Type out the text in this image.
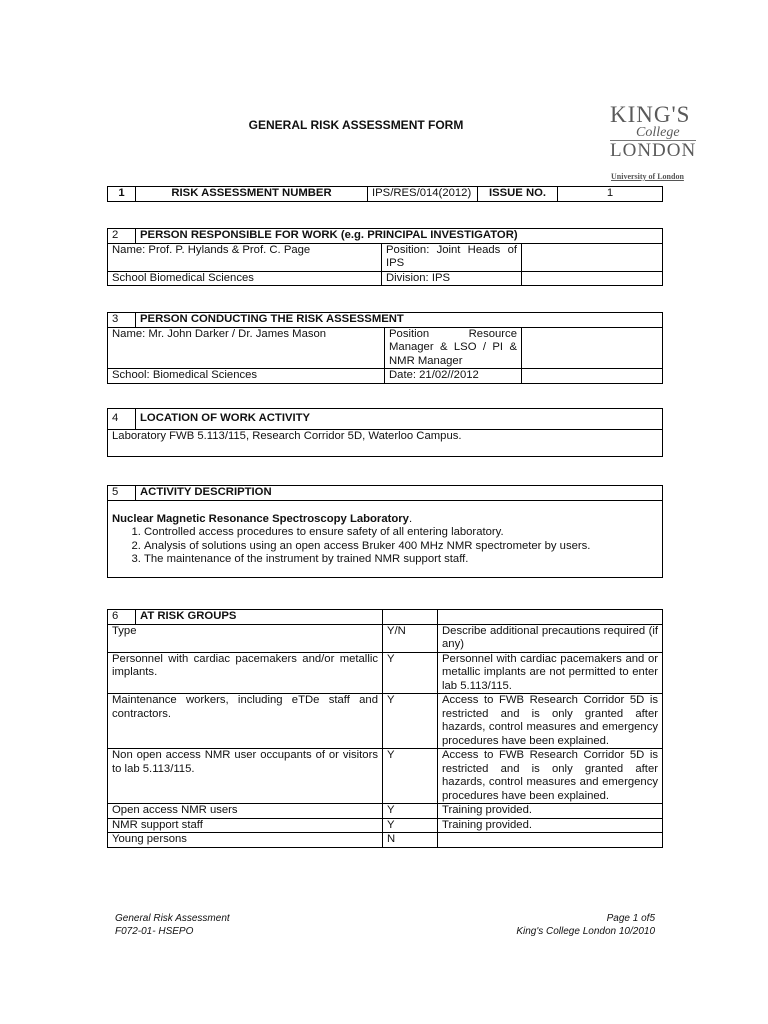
GENERAL RISK ASSESSMENT FORM	KING'S
College
LONDON
University of London
1	RISK ASSESSMENT NUMBER	IPS/RES/014(2012)	ISSUE NO.	1
2	PERSON RESPONSIBLE FOR WORK (e.g. PRINCIPAL INVESTIGATOR)		
Name: Prof. P. Hylands & Prof. C. Page		Position: Joint Heads of IPS	
School Biomedical Sciences		Division: IPS	
3	PERSON CONDUCTING THE RISK ASSESSMENT		
Name: Mr. John Darker / Dr. James Mason		Position Resource Manager & LSO / PI & NMR Manager	
School: Biomedical Sciences		Date: 21/02//2012	
4	LOCATION OF WORK ACTIVITY
Laboratory FWB 5.113/115, Research Corridor 5D, Waterloo Campus.
5	ACTIVITY DESCRIPTION

Nuclear Magnetic Resonance Spectroscopy Laboratory.
1. Controlled access procedures to ensure safety of all entering laboratory.
2. Analysis of solutions using an open access Bruker 400 MHz NMR spectrometer by users.
3. The maintenance of the instrument by trained NMR support staff.
6	AT RISK GROUPS		
Type		Y/N	Describe additional precautions required (if any)
Personnel with cardiac pacemakers and/or metallic implants.		Y	Personnel with cardiac pacemakers and or metallic implants are not permitted to enter lab 5.113/115.
Maintenance workers, including eTDe staff and contractors.		Y	Access to FWB Research Corridor 5D is restricted and is only granted after hazards, control measures and emergency procedures have been explained.
Non open access NMR user occupants of or visitors to lab 5.113/115.		Y	Access to FWB Research Corridor 5D is restricted and is only granted after hazards, control measures and emergency procedures have been explained.
Open access NMR users		Y	Training provided.
NMR support staff		Y	Training provided.
Young persons		N	
General Risk Assessment
F072-01- HSEPO
Page 1 of5
King's College London 10/2010
